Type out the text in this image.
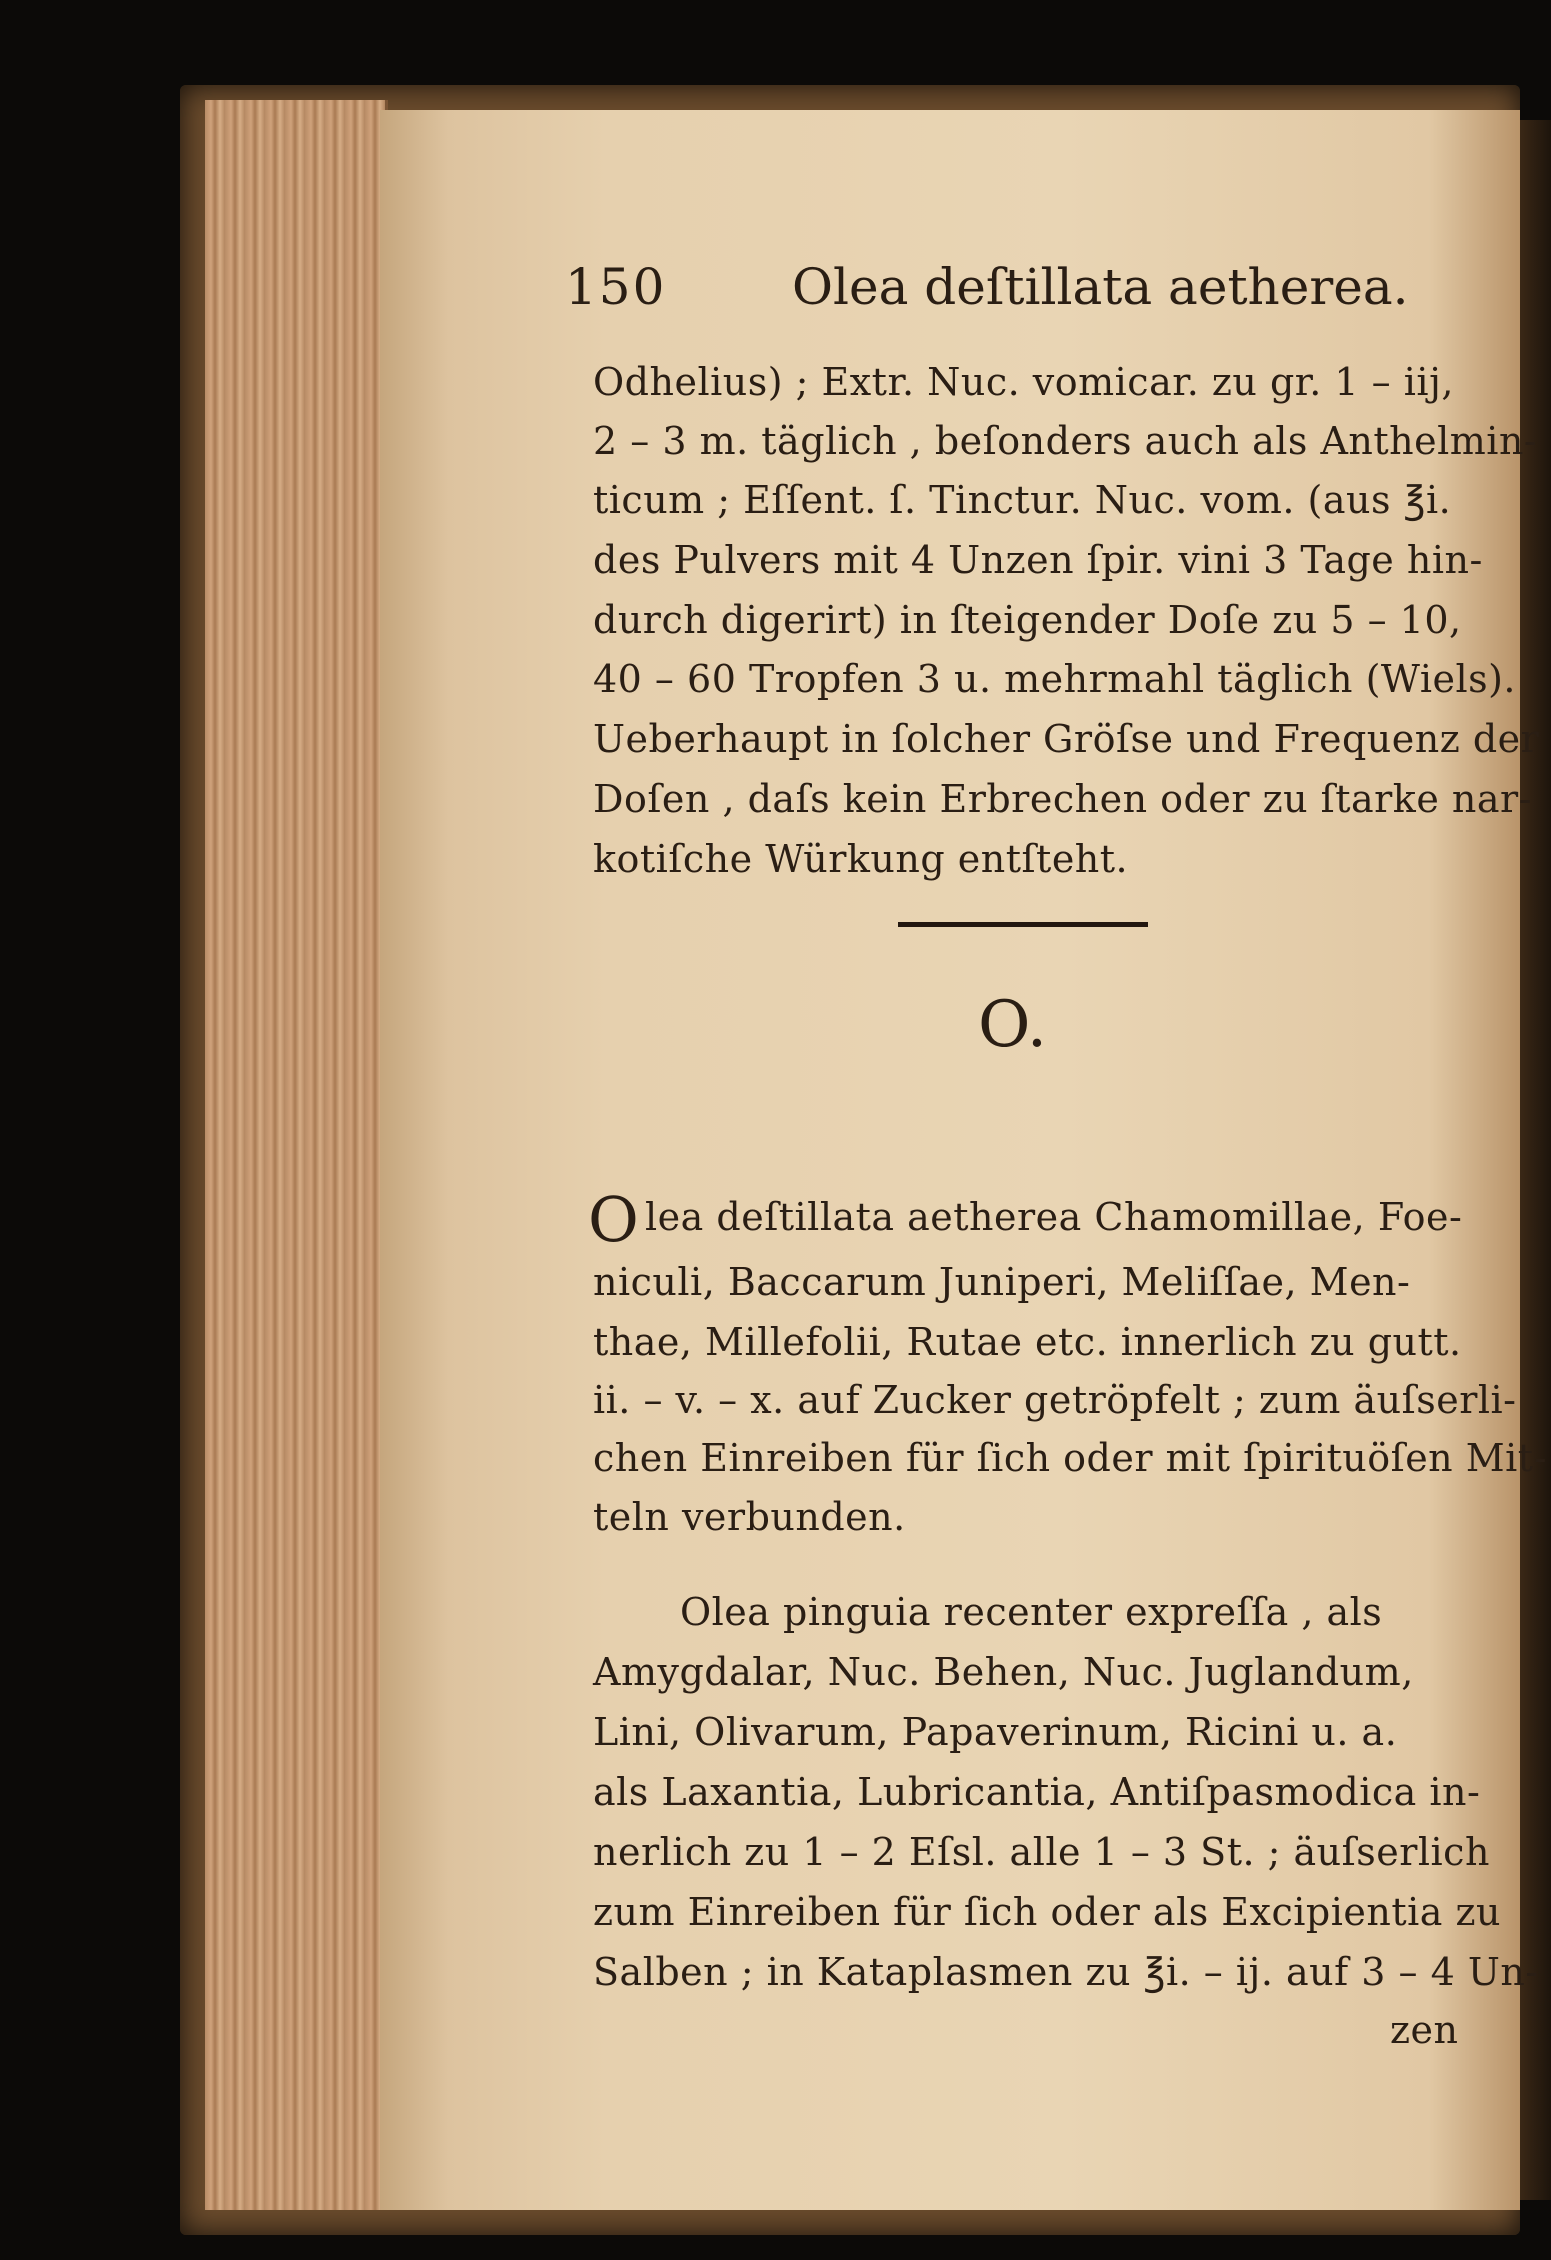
150	Olea deſtillata aetherea.
Odhelius) ; Extr. Nuc. vomicar. zu gr. 1 – iij,
2 – 3 m. täglich , beſonders auch als Anthelmin-
ticum ; Eſſent. ſ. Tinctur. Nuc. vom. (aus ℥i.
des Pulvers mit 4 Unzen ſpir. vini 3 Tage hin-
durch digerirt) in ſteigender Doſe zu 5 – 10,
40 – 60 Tropfen 3 u. mehrmahl täglich (Wiels).
Ueberhaupt in ſolcher Gröſse und Frequenz der
Doſen , daſs kein Erbrechen oder zu ſtarke nar-
kotiſche Würkung entſteht.
O.
O lea deſtillata aetherea Chamomillae, Foe-
niculi, Baccarum Juniperi, Meliſſae, Men-
thae, Millefolii, Rutae etc. innerlich zu gutt.
ii. – v. – x. auf Zucker getröpfelt ; zum äuſserli-
chen Einreiben für ſich oder mit ſpirituöſen Mit-
teln verbunden.
Olea pinguia recenter expreſſa , als
Amygdalar, Nuc. Behen, Nuc. Juglandum,
Lini, Olivarum, Papaverinum, Ricini u. a.
als Laxantia, Lubricantia, Antiſpasmodica in-
nerlich zu 1 – 2 Eſsl. alle 1 – 3 St. ; äuſserlich
zum Einreiben für ſich oder als Excipientia zu
Salben ; in Kataplasmen zu ℥i. – ij. auf 3 – 4 Un-
zen
